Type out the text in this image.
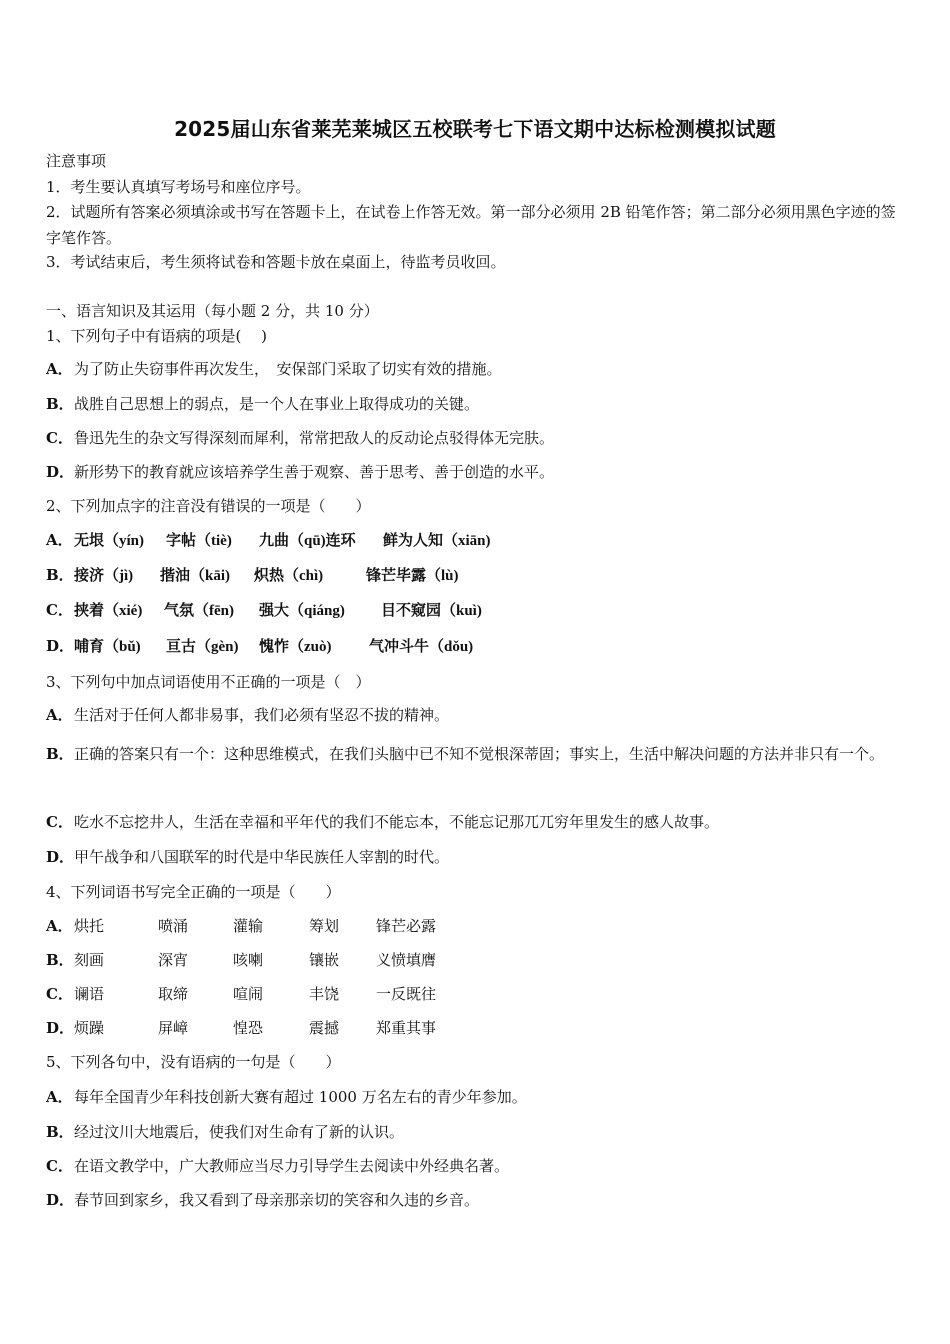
2025届山东省莱芜莱城区五校联考七下语文期中达标检测模拟试题
注意事项
1．考生要认真填写考场号和座位序号。
2．试题所有答案必须填涂或书写在答题卡上，在试卷上作答无效。第一部分必须用 2B 铅笔作答；第二部分必须用黑色字迹的签字笔作答。
3．考试结束后，考生须将试卷和答题卡放在桌面上，待监考员收回。
一、语言知识及其运用（每小题 2 分，共 10 分）
1、下列句子中有语病的项是(　 )
A．为了防止失窃事件再次发生，　安保部门采取了切实有效的措施。
B．战胜自己思想上的弱点，是一个人在事业上取得成功的关键。
C．鲁迅先生的杂文写得深刻而犀利，常常把敌人的反动论点驳得体无完肤。
D．新形势下的教育就应该培养学生善于观察、善于思考、善于创造的水平。
2、下列加点字的注音没有错误的一项是（　　）
A．无垠（yín) 字帖（tiè) 九曲（qū)连环 鲜为人知（xiān)
B．接济（jì) 揩油（kāi) 炽热（chì)	锋芒毕露（lù)
C．挟着（xié) 气氛（fēn) 强大（qiáng) 目不窥园（kuì)
D．哺育（bǔ) 亘古（gèn) 愧怍（zuò)	气冲斗牛（dǒu)
3、下列句中加点词语使用不正确的一项是（　）
A．生活对于任何人都非易事，我们必须有坚忍不拔的精神。
B．正确的答案只有一个：这种思维模式，在我们头脑中已不知不觉根深蒂固；事实上，生活中解决问题的方法并非只有一个。
C．吃水不忘挖井人，生活在幸福和平年代的我们不能忘本，不能忘记那兀兀穷年里发生的感人故事。
D．甲午战争和八国联军的时代是中华民族任人宰割的时代。
4、下列词语书写完全正确的一项是（　　）
A．烘托	喷涌	灌输	筹划 锋芒必露
B．刻画	深宵	咳喇	镶嵌 义愤填膺
C．谰语	取缔	喧闹	丰饶 一反既往
D．烦躁	屏嶂	惶恐	震撼 郑重其事
5、下列各句中，没有语病的一句是（　　）
A．每年全国青少年科技创新大赛有超过 1000 万名左右的青少年参加。
B．经过汶川大地震后，使我们对生命有了新的认识。
C．在语文教学中，广大教师应当尽力引导学生去阅读中外经典名著。
D．春节回到家乡，我又看到了母亲那亲切的笑容和久违的乡音。
